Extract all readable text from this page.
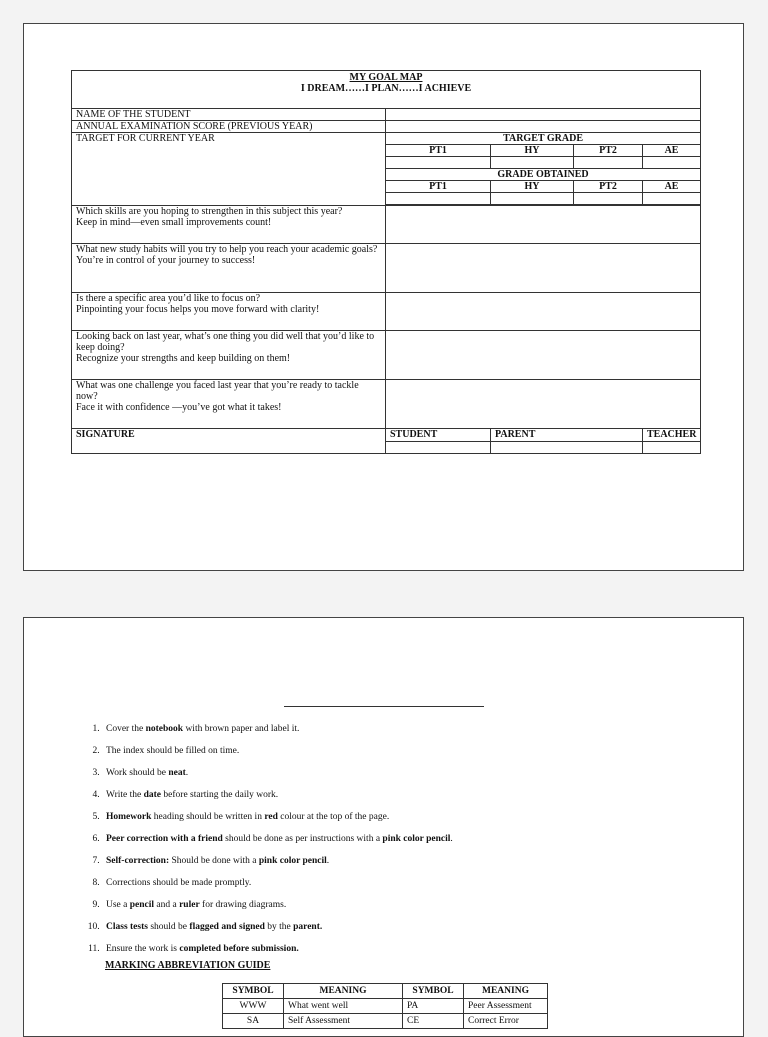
MY GOAL MAP
I DREAM……I PLAN……I ACHIEVE				
NAME OF THE STUDENT				
ANNUAL EXAMINATION SCORE (PREVIOUS YEAR)				
TARGET FOR CURRENT YEAR	TARGET GRADE			
	PT1	HY	PT2	AE

	GRADE OBTAINED			
	PT1	HY	PT2	AE

Which skills are you hoping to strengthen in this subject this year?
Keep in mind—even small improvements count!				

What new study habits will you try to help you reach your academic goals?
You’re in control of your journey to success!				

Is there a specific area you’d like to focus on?
Pinpointing your focus helps you move forward with clarity!				

Looking back on last year, what’s one thing you did well that you’d like to keep doing?
Recognize your strengths and keep building on them!				

What was one challenge you faced last year that you’re ready to tackle now?
Face it with confidence —you’ve got what it takes!				

SIGNATURE	STUDENT	PARENT		TEACHER

1. Cover the notebook with brown paper and label it.
2. The index should be filled on time.
3. Work should be neat.
4. Write the date before starting the daily work.
5. Homework heading should be written in red colour at the top of the page.
6. Peer correction with a friend should be done as per instructions with a pink color pencil.
7. Self-correction: Should be done with a pink color pencil.
8. Corrections should be made promptly.
9. Use a pencil and a ruler for drawing diagrams.
10. Class tests should be flagged and signed by the parent.
11. Ensure the work is completed before submission.
MARKING ABBREVIATION GUIDE
SYMBOL	MEANING	SYMBOL	MEANING
WWW	What went well	PA	Peer Assessment
SA	Self Assessment	CE	Correct Error
